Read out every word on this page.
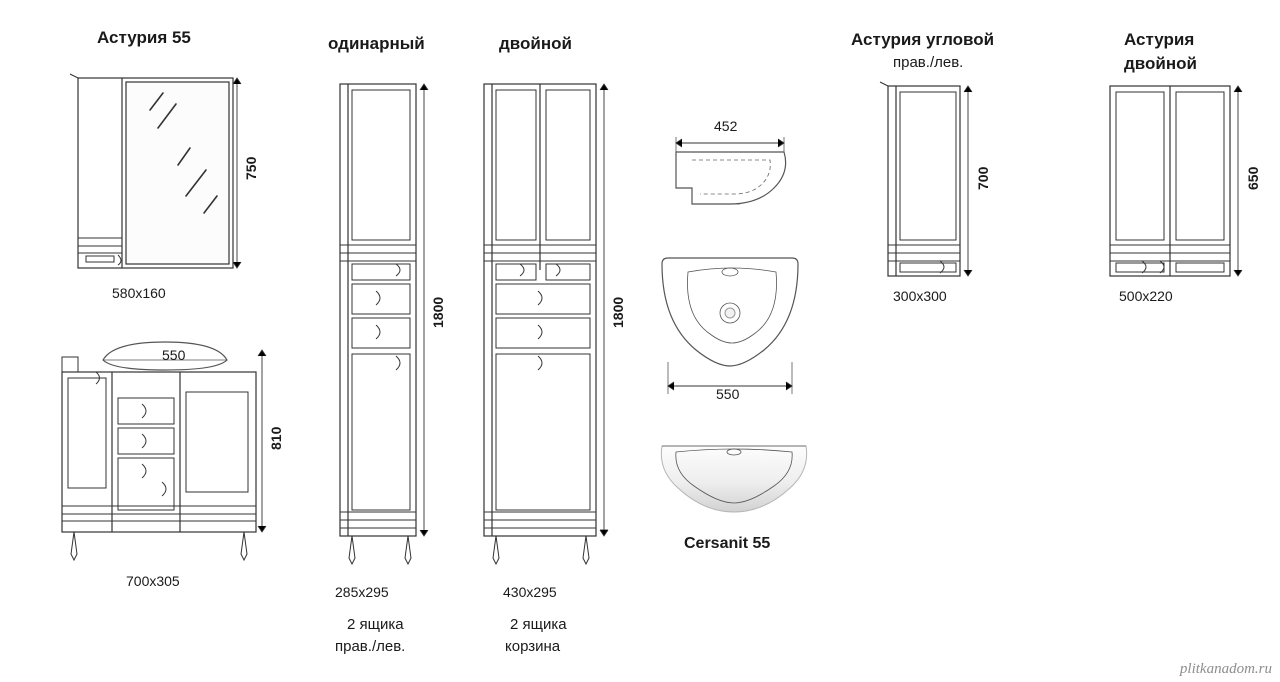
Астурия 55
750
580x160
550
810
700x305
одинарный
1800
285x295
2 ящика
прав./лев.
двойной
1800
430x295
2 ящика
корзина
452
550
Cersanit 55
Астурия угловой
прав./лев.
700
300x300
Астурия
двойной
650
500x220
plitkanadom.ru
